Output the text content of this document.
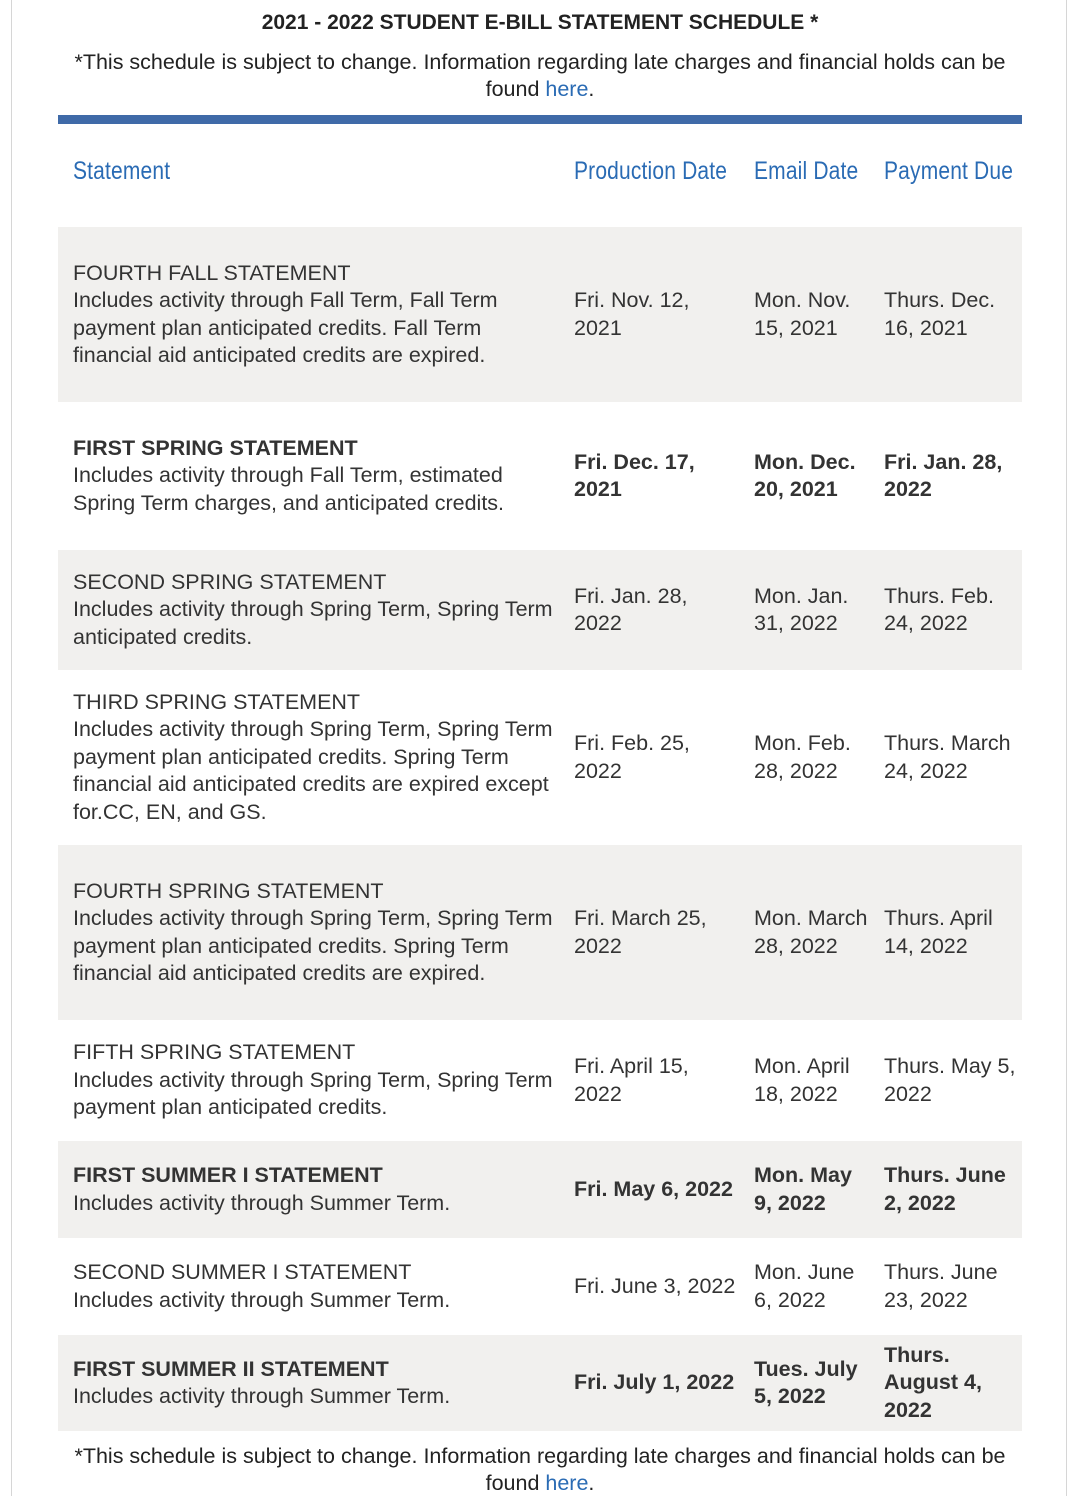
2021 - 2022 STUDENT E-BILL STATEMENT SCHEDULE *
*This schedule is subject to change. Information regarding late charges and financial holds can be found here.
Statement	Production Date Email Date Payment Due
FOURTH FALL STATEMENT
Includes activity through Fall Term, Fall Term payment plan anticipated credits. Fall Term financial aid anticipated credits are expired.
Fri. Nov. 12, 2021
Mon. Nov. 15, 2021
Thurs. Dec. 16, 2021
FIRST SPRING STATEMENT
Includes activity through Fall Term, estimated Spring Term charges, and anticipated credits.
Fri. Dec. 17, 2021
Mon. Dec. 20, 2021
Fri. Jan. 28, 2022
SECOND SPRING STATEMENT
Includes activity through Spring Term, Spring Term anticipated credits.
Fri. Jan. 28, 2022
Mon. Jan. 31, 2022
Thurs. Feb. 24, 2022
THIRD SPRING STATEMENT
Includes activity through Spring Term, Spring Term payment plan anticipated credits. Spring Term financial aid anticipated credits are expired except for.CC, EN, and GS.
Fri. Feb. 25, 2022
Mon. Feb. 28, 2022
Thurs. March 24, 2022
FOURTH SPRING STATEMENT
Includes activity through Spring Term, Spring Term payment plan anticipated credits. Spring Term financial aid anticipated credits are expired.
Fri. March 25, 2022
Mon. March 28, 2022
Thurs. April 14, 2022
FIFTH SPRING STATEMENT
Includes activity through Spring Term, Spring Term payment plan anticipated credits.
Fri. April 15, 2022
Mon. April 18, 2022
Thurs. May 5, 2022
FIRST SUMMER I STATEMENT
Includes activity through Summer Term.
Fri. May 6, 2022
Mon. May 9, 2022
Thurs. June 2, 2022
SECOND SUMMER I STATEMENT
Includes activity through Summer Term.
Fri. June 3, 2022
Mon. June 6, 2022
Thurs. June 23, 2022
FIRST SUMMER II STATEMENT
Includes activity through Summer Term.
Fri. July 1, 2022
Tues. July 5, 2022
Thurs. August 4, 2022
*This schedule is subject to change. Information regarding late charges and financial holds can be found here.
